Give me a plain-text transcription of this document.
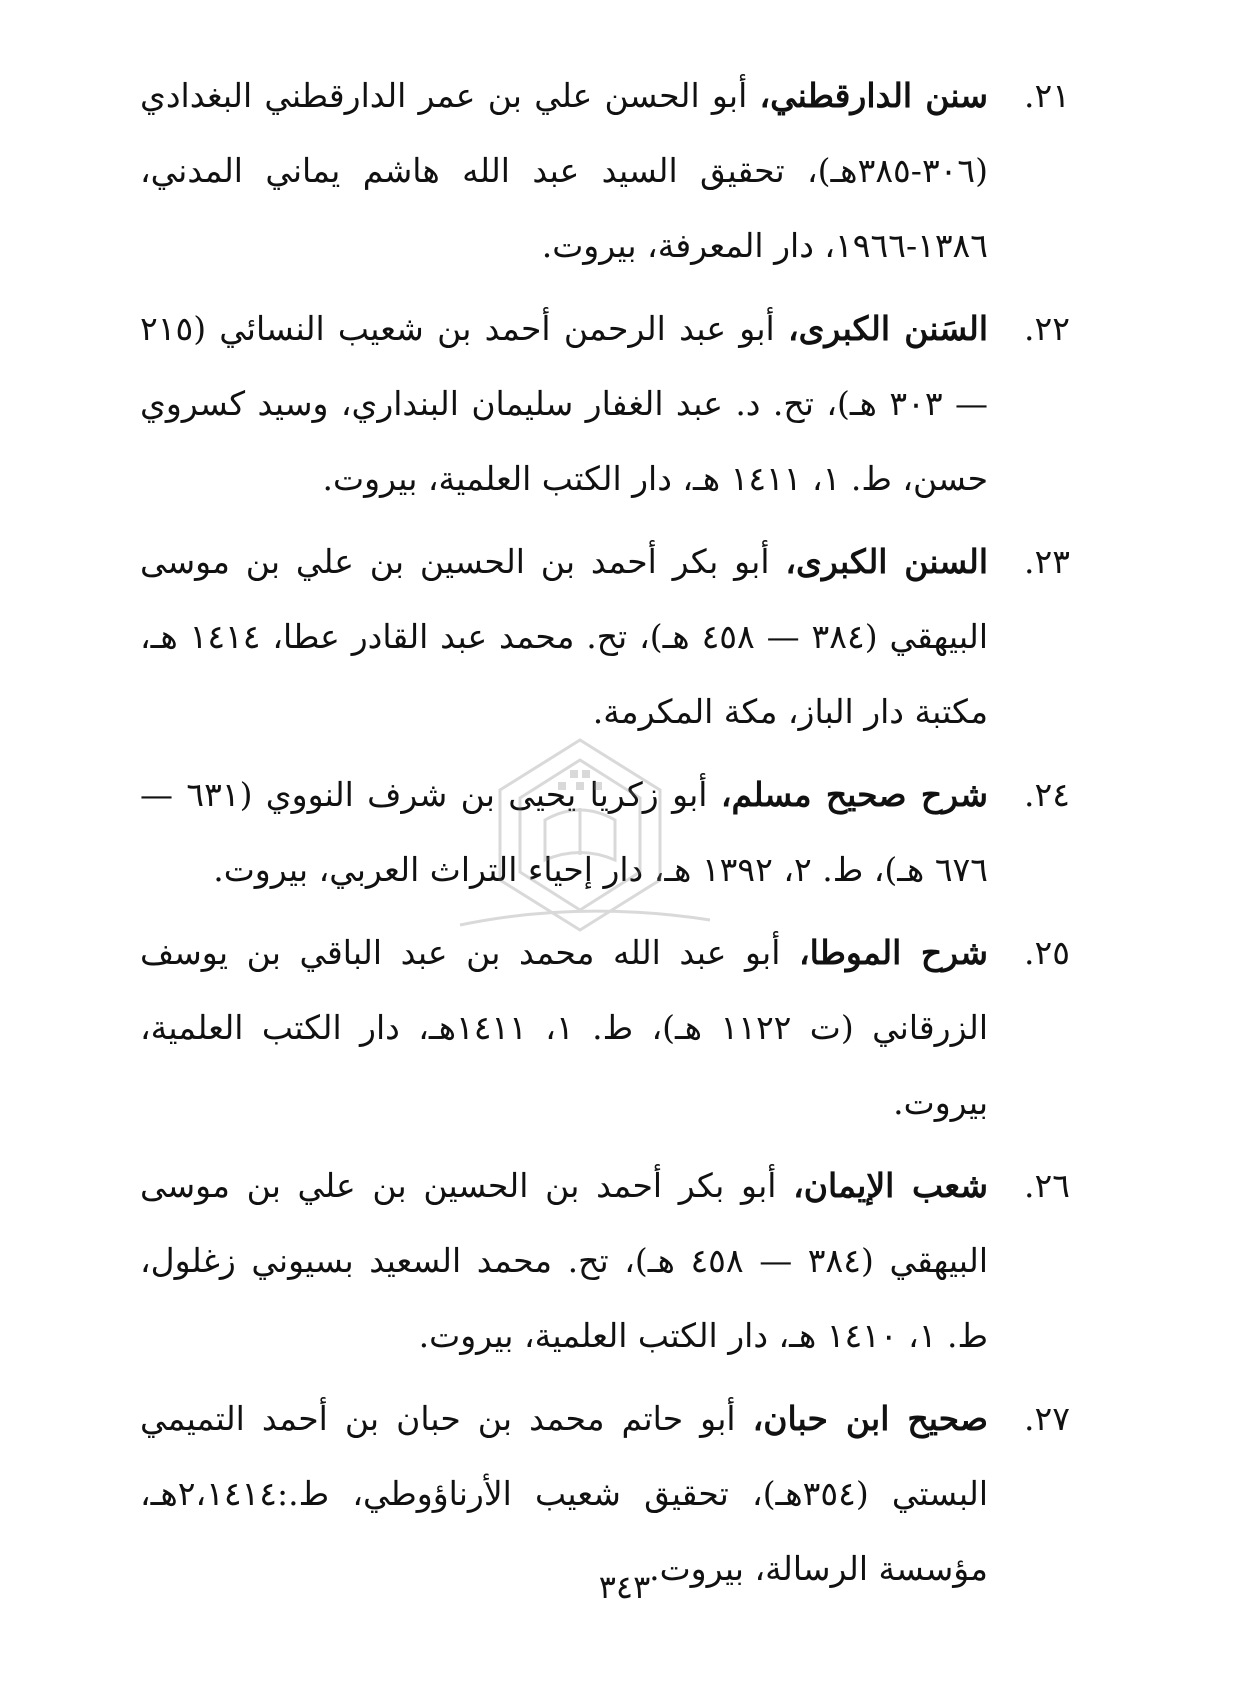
٢١.
سنن الدارقطني، أبو الحسن علي بن عمر الدارقطني البغدادي (٣٠٦-٣٨٥هـ)، تحقيق السيد عبد الله هاشم يماني المدني، ١٣٨٦-١٩٦٦، دار المعرفة، بيروت.
٢٢.
السَنن الكبرى، أبو عبد الرحمن أحمد بن شعيب النسائي (٢١٥ — ٣٠٣ هـ)، تح. د. عبد الغفار سليمان البنداري، وسيد كسروي حسن، ط. ١، ١٤١١ هـ، دار الكتب العلمية، بيروت.
٢٣.
السنن الكبرى، أبو بكر أحمد بن الحسين بن علي بن موسى البيهقي (٣٨٤ — ٤٥٨ هـ)، تح. محمد عبد القادر عطا، ١٤١٤ هـ، مكتبة دار الباز، مكة المكرمة.
٢٤.
شرح صحيح مسلم، أبو زكريا يحيى بن شرف النووي (٦٣١ — ٦٧٦ هـ)، ط. ٢، ١٣٩٢ هـ، دار إحياء التراث العربي، بيروت.
٢٥.
شرح الموطا، أبو عبد الله محمد بن عبد الباقي بن يوسف الزرقاني (ت ١١٢٢ هـ)، ط. ١، ١٤١١هـ، دار الكتب العلمية، بيروت.
٢٦.
شعب الإيمان، أبو بكر أحمد بن الحسين بن علي بن موسى البيهقي (٣٨٤ — ٤٥٨ هـ)، تح. محمد السعيد بسيوني زغلول، ط. ١، ١٤١٠ هـ، دار الكتب العلمية، بيروت.
٢٧.
صحيح ابن حبان، أبو حاتم محمد بن حبان بن أحمد التميمي البستي (٣٥٤هـ)، تحقيق شعيب الأرناؤوطي، ط.:٢،١٤١٤هـ، مؤسسة الرسالة، بيروت.
٣٤٣
